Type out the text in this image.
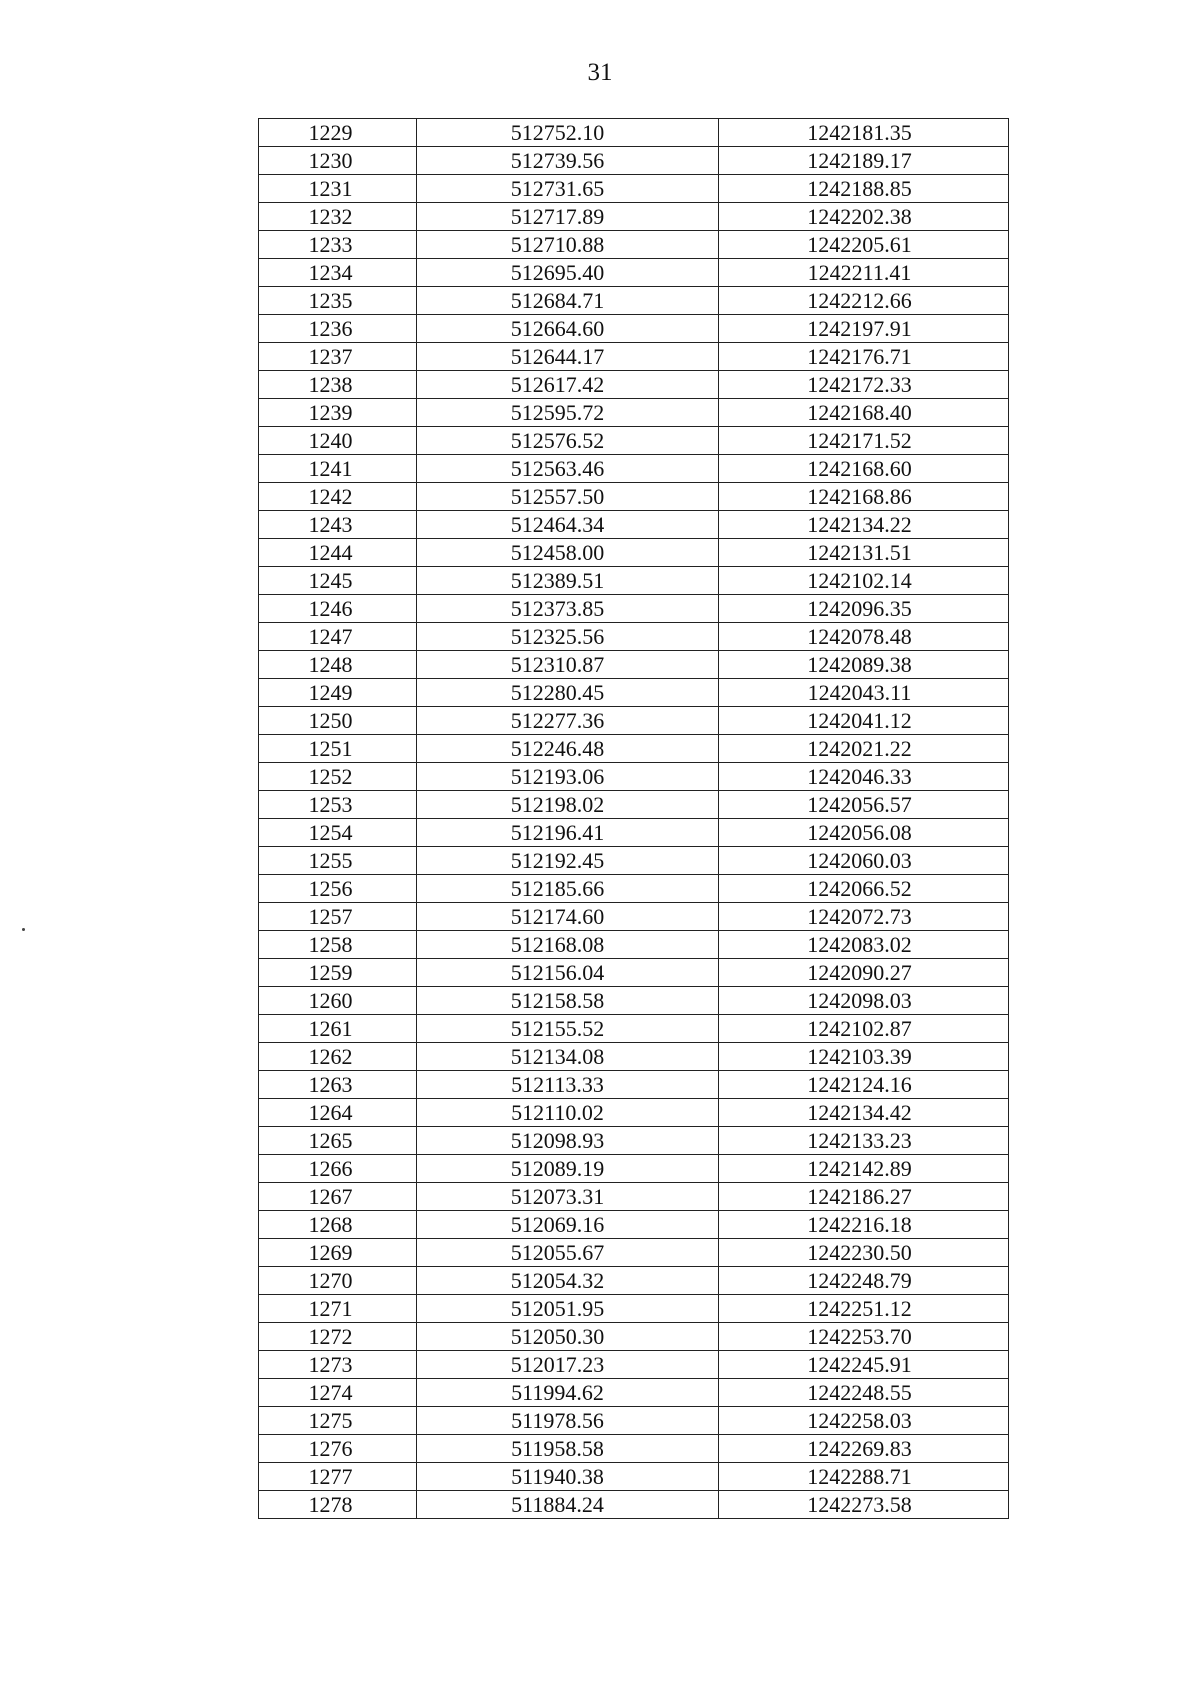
31
1229	512752.10	1242181.35
1230	512739.56	1242189.17
1231	512731.65	1242188.85
1232	512717.89	1242202.38
1233	512710.88	1242205.61
1234	512695.40	1242211.41
1235	512684.71	1242212.66
1236	512664.60	1242197.91
1237	512644.17	1242176.71
1238	512617.42	1242172.33
1239	512595.72	1242168.40
1240	512576.52	1242171.52
1241	512563.46	1242168.60
1242	512557.50	1242168.86
1243	512464.34	1242134.22
1244	512458.00	1242131.51
1245	512389.51	1242102.14
1246	512373.85	1242096.35
1247	512325.56	1242078.48
1248	512310.87	1242089.38
1249	512280.45	1242043.11
1250	512277.36	1242041.12
1251	512246.48	1242021.22
1252	512193.06	1242046.33
1253	512198.02	1242056.57
1254	512196.41	1242056.08
1255	512192.45	1242060.03
1256	512185.66	1242066.52
1257	512174.60	1242072.73
1258	512168.08	1242083.02
1259	512156.04	1242090.27
1260	512158.58	1242098.03
1261	512155.52	1242102.87
1262	512134.08	1242103.39
1263	512113.33	1242124.16
1264	512110.02	1242134.42
1265	512098.93	1242133.23
1266	512089.19	1242142.89
1267	512073.31	1242186.27
1268	512069.16	1242216.18
1269	512055.67	1242230.50
1270	512054.32	1242248.79
1271	512051.95	1242251.12
1272	512050.30	1242253.70
1273	512017.23	1242245.91
1274	511994.62	1242248.55
1275	511978.56	1242258.03
1276	511958.58	1242269.83
1277	511940.38	1242288.71
1278	511884.24	1242273.58
